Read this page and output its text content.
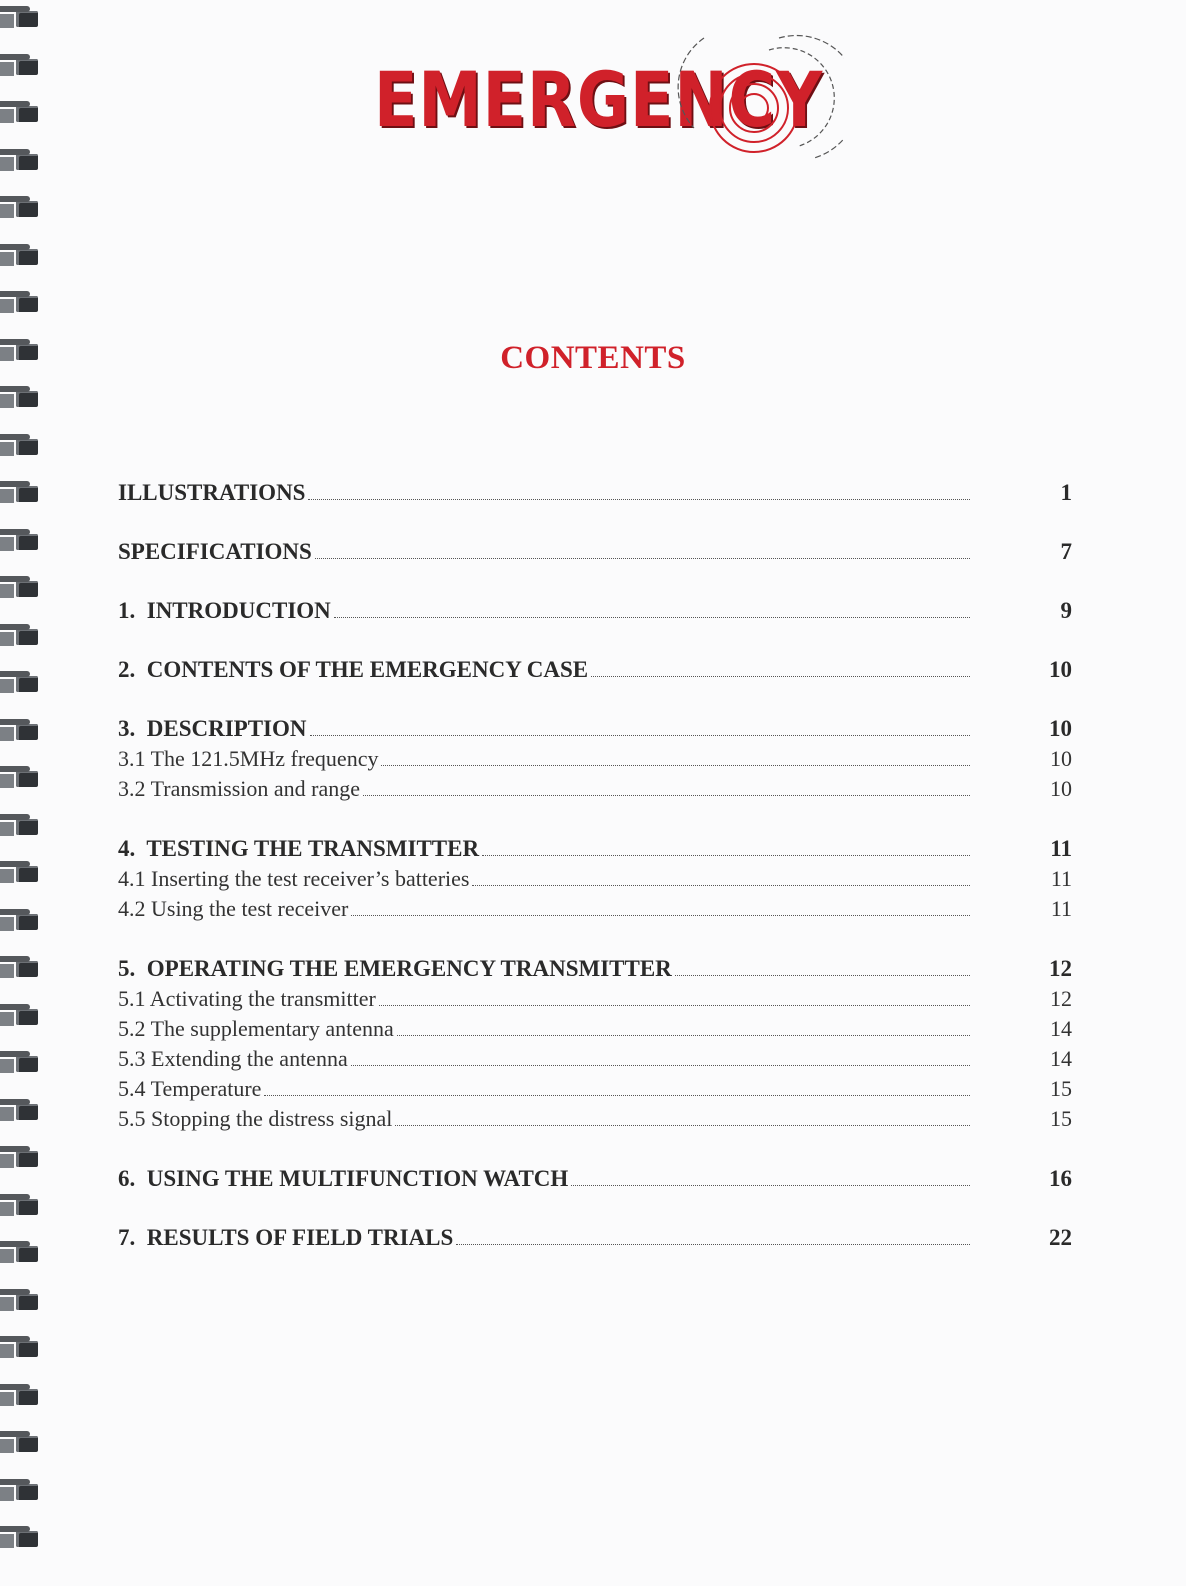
EMERGENCY
CONTENTS
ILLUSTRATIONS	1
SPECIFICATIONS	7
1.  INTRODUCTION	9
2.  CONTENTS OF THE EMERGENCY CASE	10
3.  DESCRIPTION	10
3.1 The 121.5MHz frequency	10
3.2 Transmission and range	10
4.  TESTING THE TRANSMITTER	11
4.1 Inserting the test receiver’s batteries	11
4.2 Using the test receiver	11
5.  OPERATING THE EMERGENCY TRANSMITTER	12
5.1 Activating the transmitter	12
5.2 The supplementary antenna	14
5.3 Extending the antenna	14
5.4 Temperature	15
5.5 Stopping the distress signal	15
6.  USING THE MULTIFUNCTION WATCH	16
7.  RESULTS OF FIELD TRIALS	22
